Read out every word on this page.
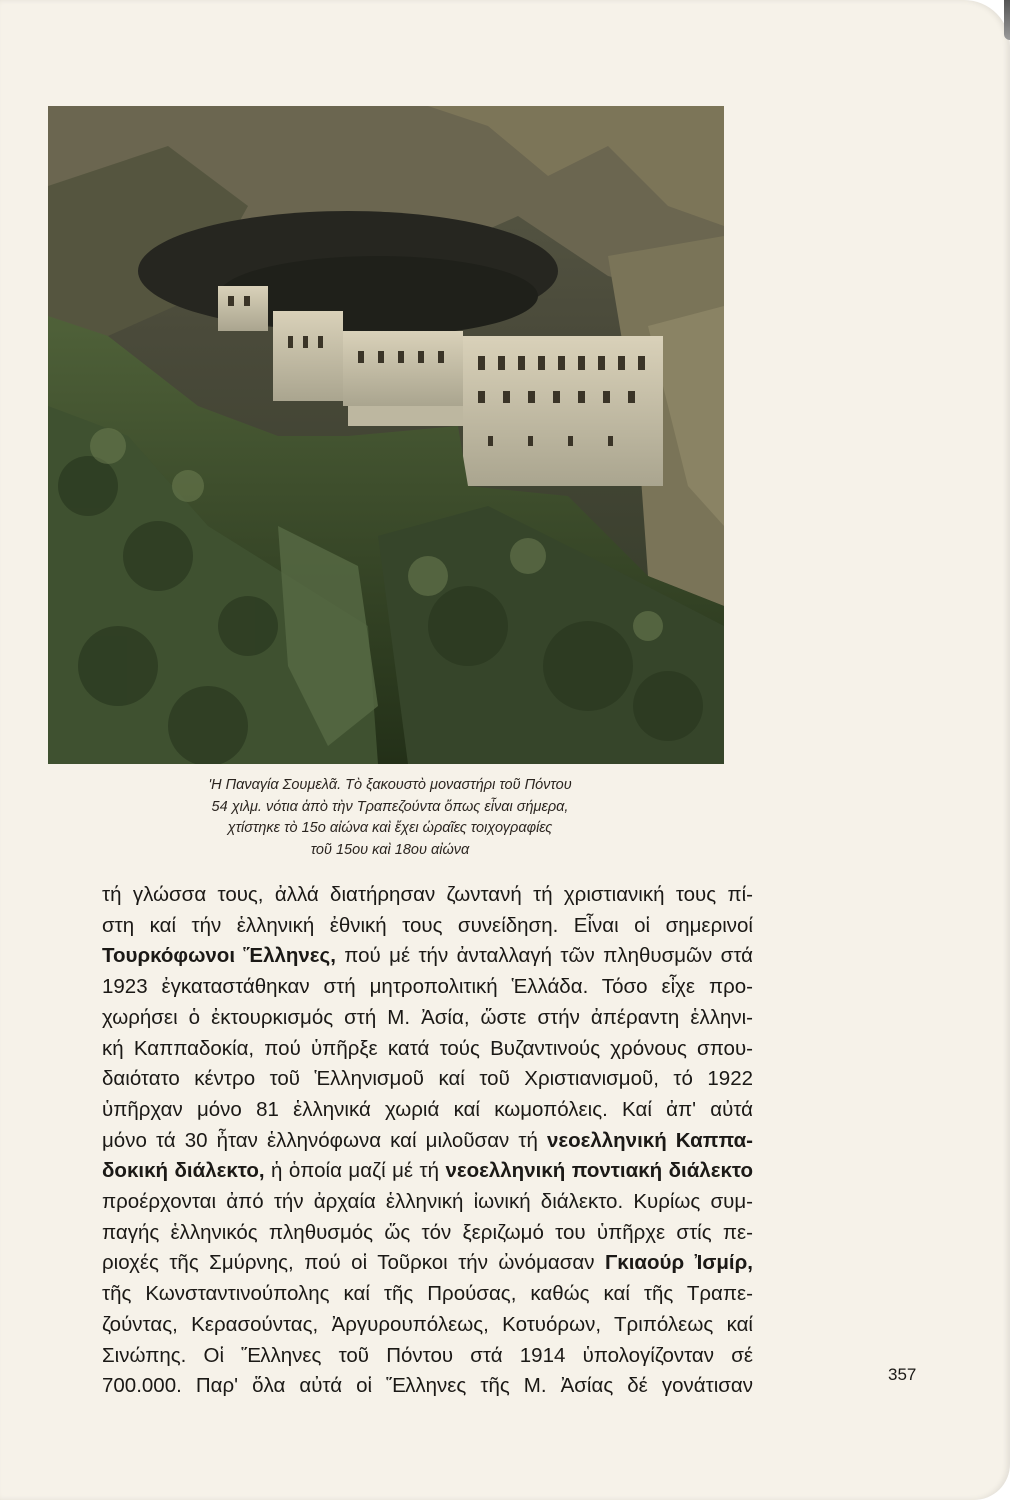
'Η Παναγία Σουμελᾶ. Τὸ ξακουστὸ μοναστήρι τοῦ Πόντου
54 χιλμ. νότια ἀπὸ τὴν Τραπεζούντα ὅπως εἶναι σήμερα,
χτίστηκε τὸ 15ο αἰώνα καὶ ἔχει ὡραῖες τοιχογραφίες
τοῦ 15ου καὶ 18ου αἰώνα
τή γλώσσα τους, ἀλλά διατήρησαν ζωντανή τή χριστιανική τους πί-
στη καί τήν ἑλληνική ἐθνική τους συνείδηση. Εἶναι οἱ σημερινοί
Τουρκόφωνοι Ἕλληνες, πού μέ τήν ἀνταλλαγή τῶν πληθυσμῶν στά
1923 ἐγκαταστάθηκαν στή μητροπολιτική Ἑλλάδα. Τόσο εἶχε προ-
χωρήσει ὁ ἐκτουρκισμός στή Μ. Ἀσία, ὥστε στήν ἀπέραντη ἑλληνι-
κή Καππαδοκία, πού ὑπῆρξε κατά τούς Βυζαντινούς χρόνους σπου-
δαιότατο κέντρο τοῦ Ἑλληνισμοῦ καί τοῦ Χριστιανισμοῦ, τό 1922
ὑπῆρχαν μόνο 81 ἑλληνικά χωριά καί κωμοπόλεις. Καί ἀπ' αὐτά
μόνο τά 30 ἦταν ἑλληνόφωνα καί μιλοῦσαν τή νεοελληνική Καππα-
δοκική διάλεκτο, ἡ ὁποία μαζί μέ τή νεοελληνική ποντιακή διάλεκτο
προέρχονται ἀπό τήν ἀρχαία ἑλληνική ἰωνική διάλεκτο. Κυρίως συμ-
παγής ἑλληνικός πληθυσμός ὥς τόν ξεριζωμό του ὑπῆρχε στίς πε-
ριοχές τῆς Σμύρνης, πού οἱ Τοῦρκοι τήν ὠνόμασαν Γκιαούρ Ἰσμίρ,
τῆς Κωνσταντινούπολης καί τῆς Προύσας, καθώς καί τῆς Τραπε-
ζούντας, Κερασούντας, Ἀργυρουπόλεως, Κοτυόρων, Τριπόλεως καί
Σινώπης. Οἱ Ἕλληνες τοῦ Πόντου στά 1914 ὑπολογίζονταν σέ
700.000. Παρ' ὅλα αὐτά οἱ Ἕλληνες τῆς Μ. Ἀσίας δέ γονάτισαν	357
